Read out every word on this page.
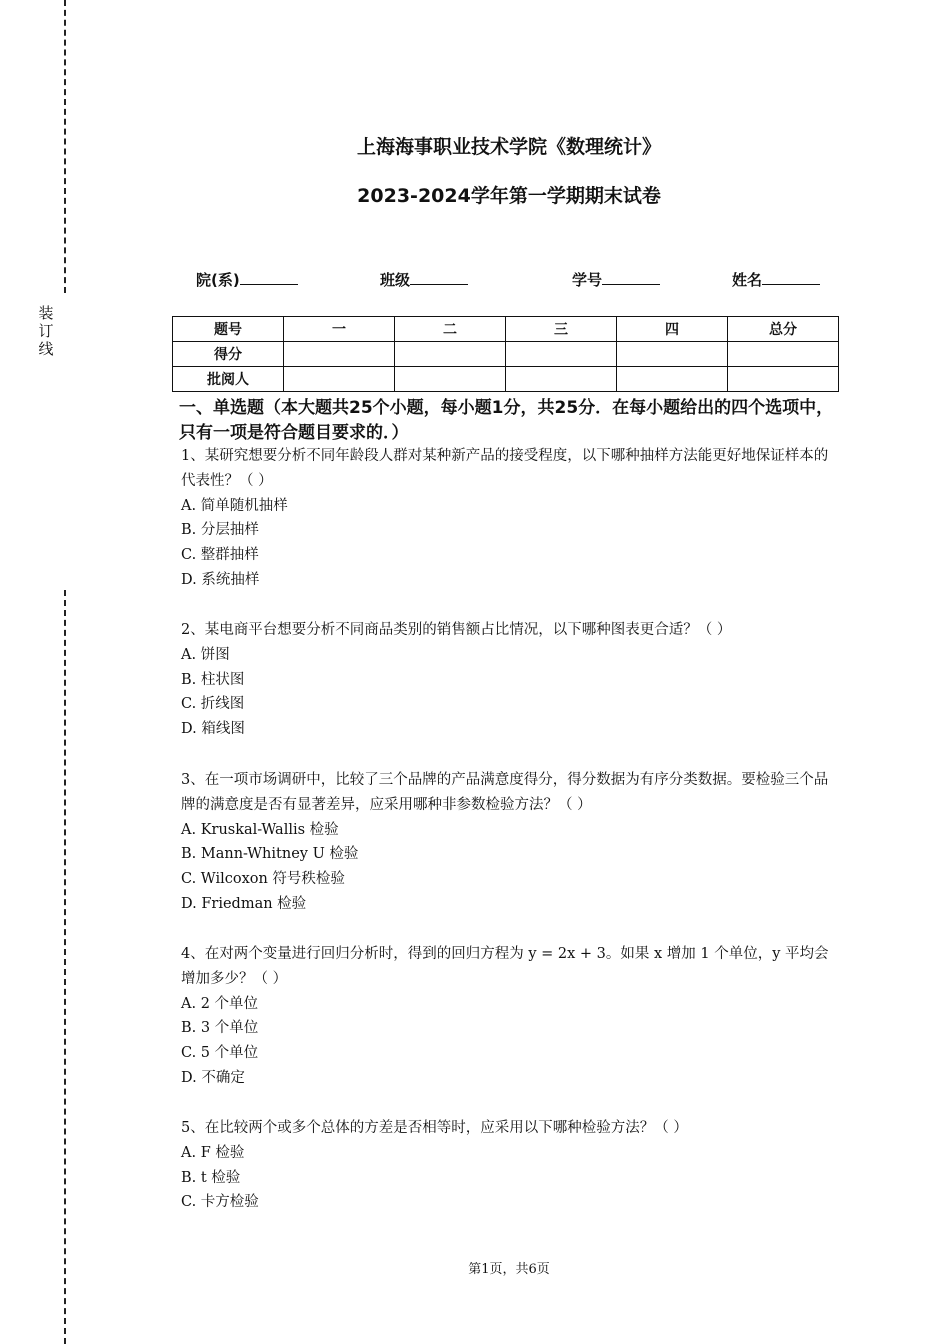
装
订
线
上海海事职业技术学院《数理统计》
2023-2024学年第一学期期末试卷
院(系)	班级	学号	姓名
题号	一	二	三	四	总分
得分					
批阅人					
一、单选题（本大题共25个小题，每小题1分，共25分．在每小题给出的四个选项中，只有一项是符合题目要求的．）

1、某研究想要分析不同年龄段人群对某种新产品的接受程度，以下哪种抽样方法能更好地保证样本的代表性？（ ）

A. 简单随机抽样

B. 分层抽样

C. 整群抽样

D. 系统抽样

2、某电商平台想要分析不同商品类别的销售额占比情况，以下哪种图表更合适？（ ）

A. 饼图

B. 柱状图

C. 折线图

D. 箱线图

3、在一项市场调研中，比较了三个品牌的产品满意度得分，得分数据为有序分类数据。要检验三个品牌的满意度是否有显著差异，应采用哪种非参数检验方法？（ ）

A. Kruskal-Wallis 检验

B. Mann-Whitney U 检验

C. Wilcoxon 符号秩检验

D. Friedman 检验

4、在对两个变量进行回归分析时，得到的回归方程为 y = 2x + 3。如果 x 增加 1 个单位，y 平均会增加多少？（ ）

A. 2 个单位

B. 3 个单位

C. 5 个单位

D. 不确定

5、在比较两个或多个总体的方差是否相等时，应采用以下哪种检验方法？（ ）

A. F 检验

B. t 检验

C. 卡方检验

第1页，共6页
